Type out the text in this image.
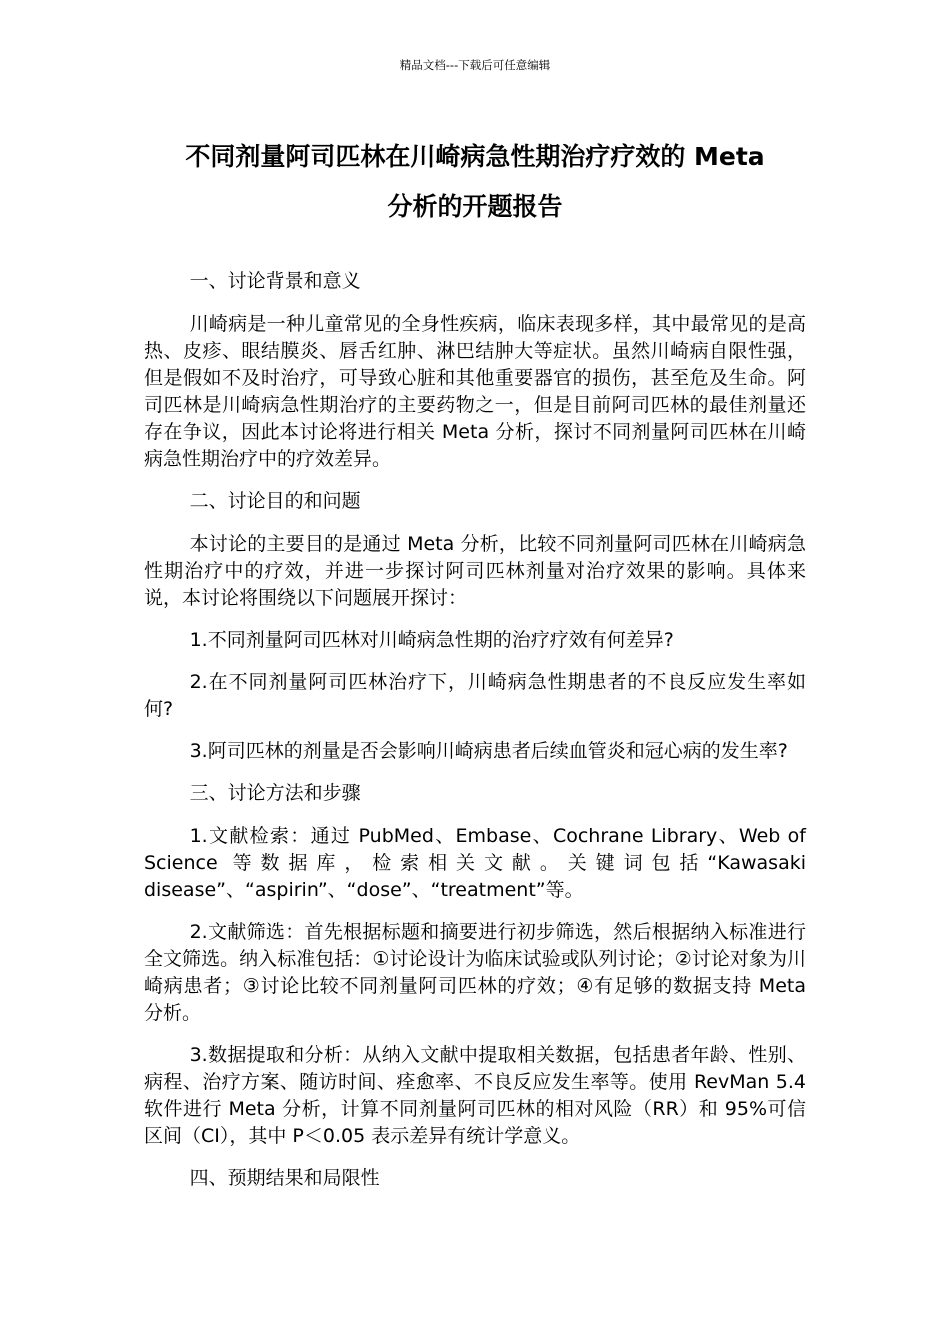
精品文档---下载后可任意编辑
不同剂量阿司匹林在川崎病急性期治疗疗效的 Meta
分析的开题报告

一、讨论背景和意义

川崎病是一种儿童常见的全身性疾病，临床表现多样，其中最常见的是高热、皮疹、眼结膜炎、唇舌红肿、淋巴结肿大等症状。虽然川崎病自限性强，但是假如不及时治疗，可导致心脏和其他重要器官的损伤，甚至危及生命。阿司匹林是川崎病急性期治疗的主要药物之一，但是目前阿司匹林的最佳剂量还存在争议，因此本讨论将进行相关 Meta 分析，探讨不同剂量阿司匹林在川崎病急性期治疗中的疗效差异。

二、讨论目的和问题

本讨论的主要目的是通过 Meta 分析，比较不同剂量阿司匹林在川崎病急性期治疗中的疗效，并进一步探讨阿司匹林剂量对治疗效果的影响。具体来说，本讨论将围绕以下问题展开探讨：

1.不同剂量阿司匹林对川崎病急性期的治疗疗效有何差异?

2.在不同剂量阿司匹林治疗下，川崎病急性期患者的不良反应发生率如何?

3.阿司匹林的剂量是否会影响川崎病患者后续血管炎和冠心病的发生率?

三、讨论方法和步骤

1.文献检索：通过 PubMed、Embase、Cochrane Library、Web of Science 等数据库，检索相关文献。关键词包括“Kawasaki disease”、“aspirin”、“dose”、“treatment”等。

2.文献筛选：首先根据标题和摘要进行初步筛选，然后根据纳入标准进行全文筛选。纳入标准包括：①讨论设计为临床试验或队列讨论；②讨论对象为川崎病患者；③讨论比较不同剂量阿司匹林的疗效；④有足够的数据支持 Meta 分析。

3.数据提取和分析：从纳入文献中提取相关数据，包括患者年龄、性别、病程、治疗方案、随访时间、痊愈率、不良反应发生率等。使用 RevMan 5.4 软件进行 Meta 分析，计算不同剂量阿司匹林的相对风险（RR）和 95%可信区间（CI），其中 P＜0.05 表示差异有统计学意义。

四、预期结果和局限性
